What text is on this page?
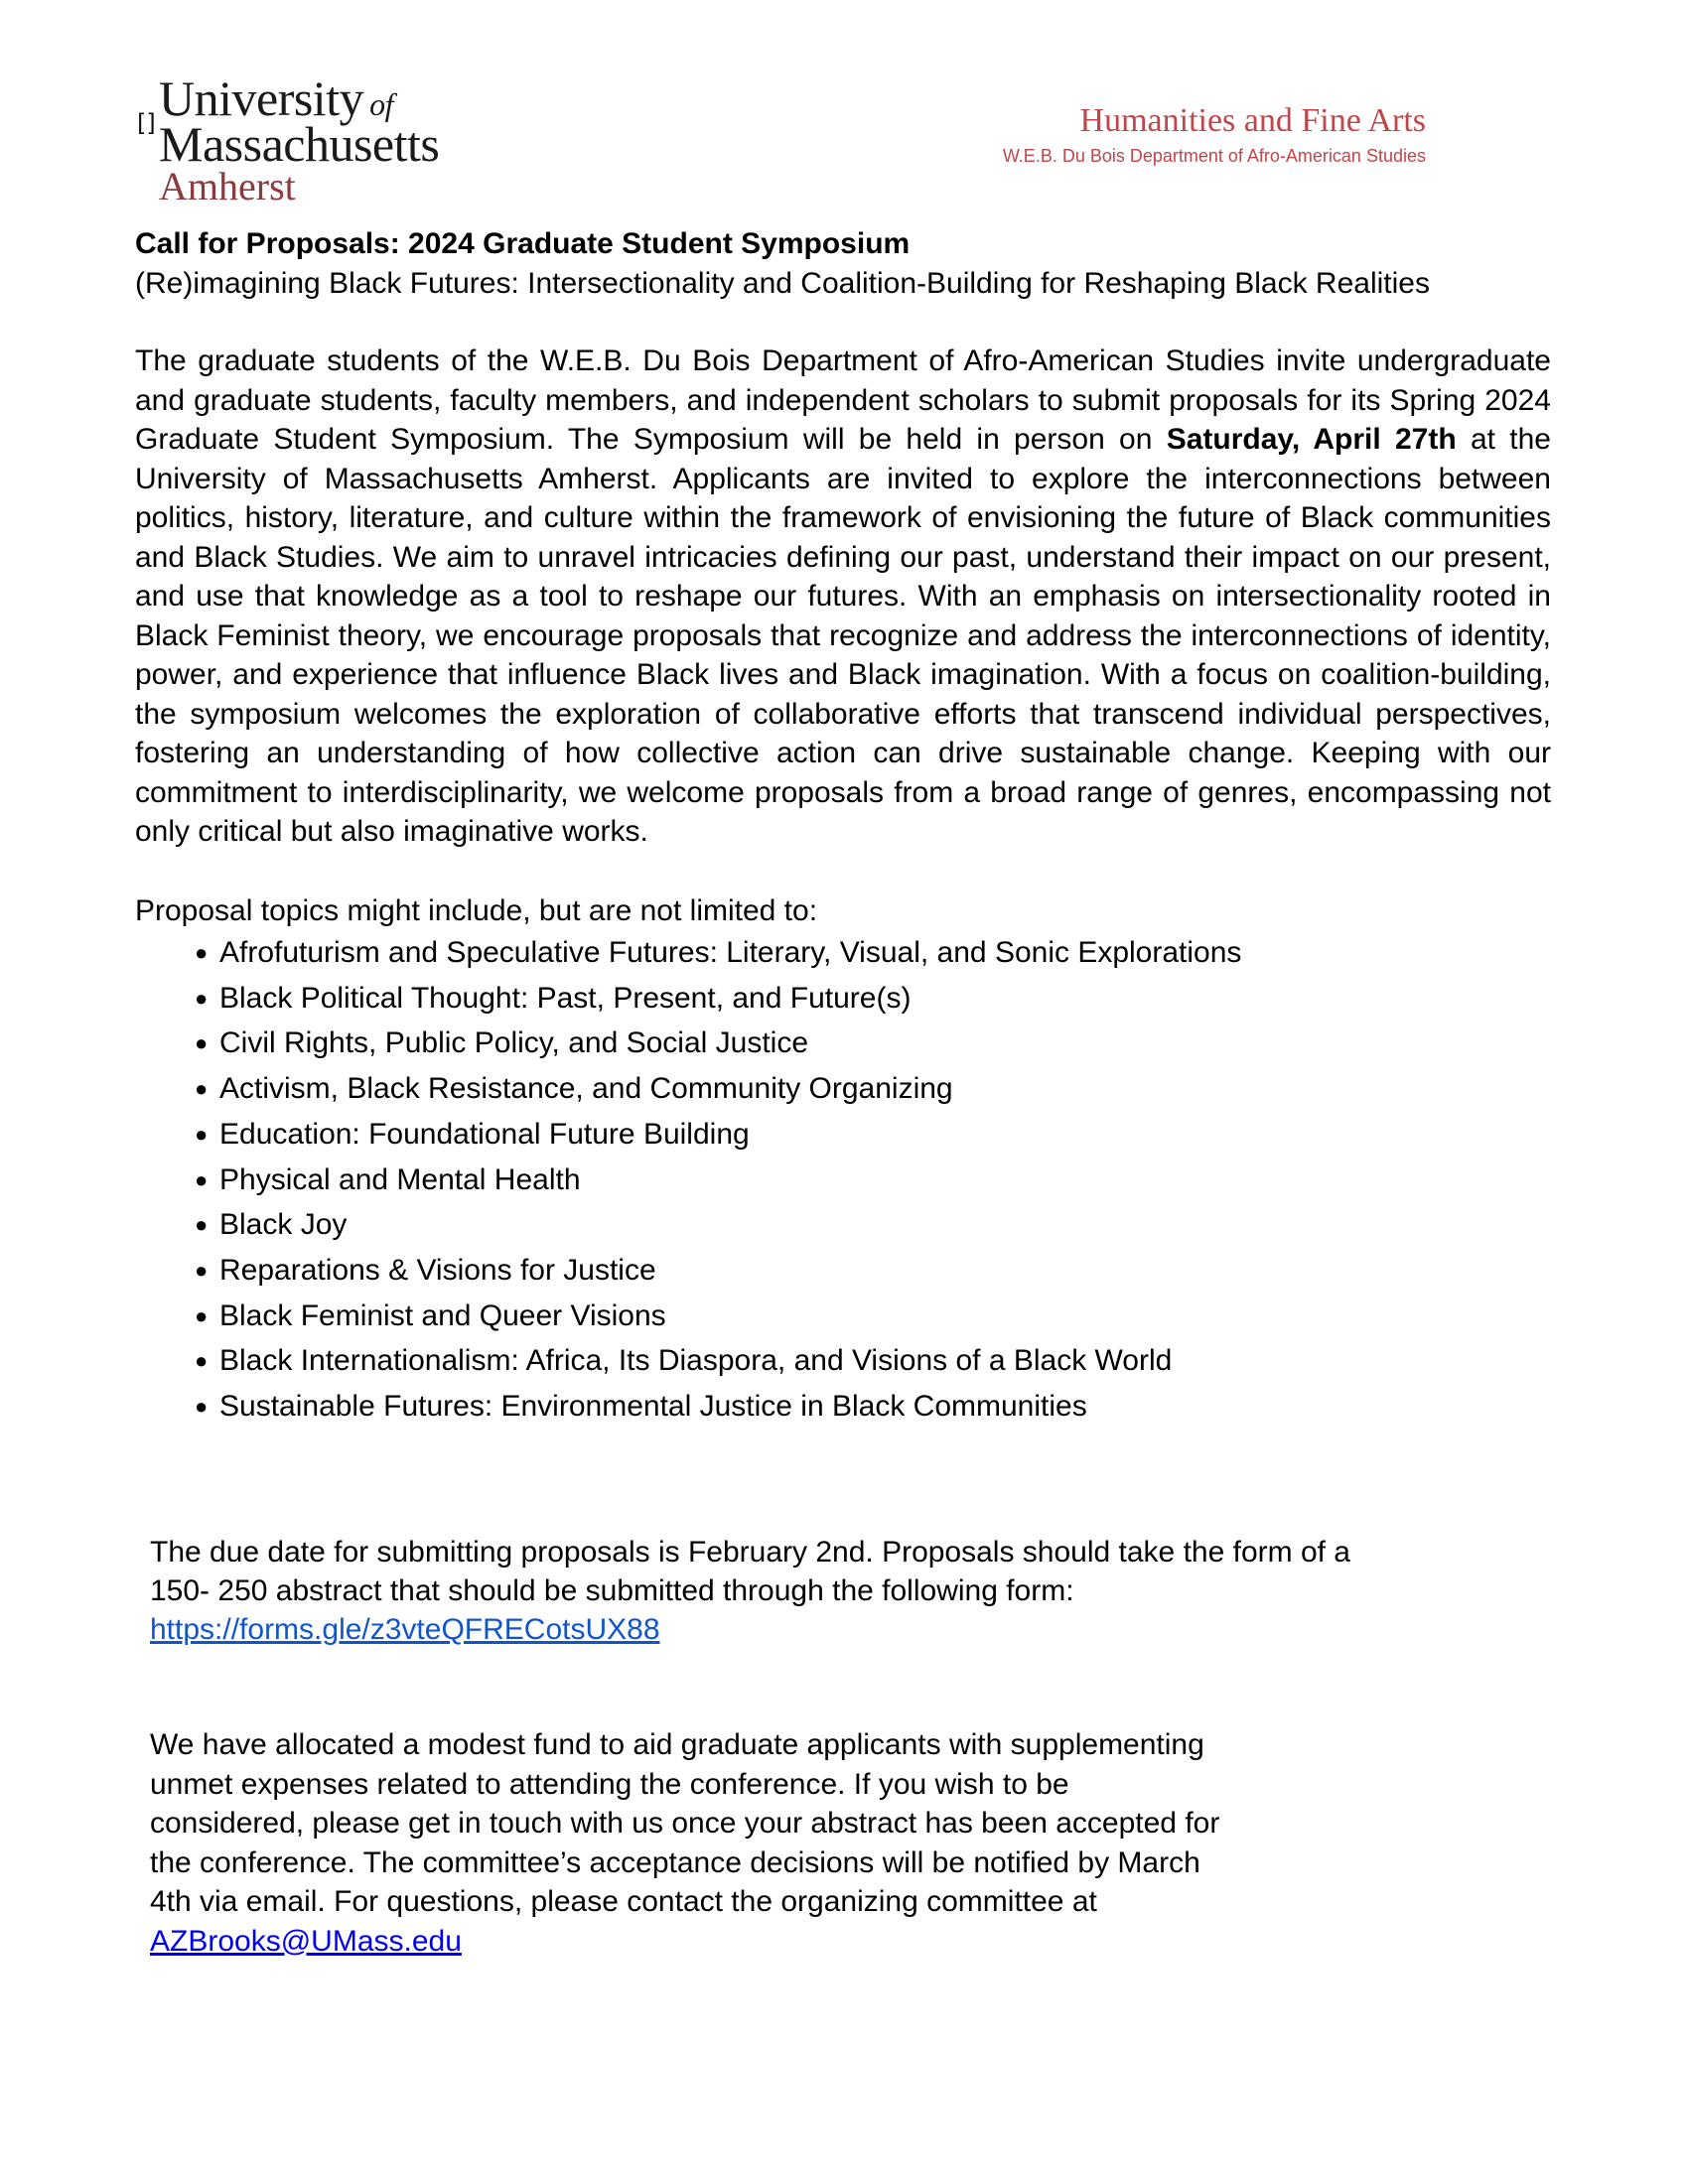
[] University of
Massachusetts
Amherst
Humanities and Fine Arts
W.E.B. Du Bois Department of Afro-American Studies
Call for Proposals: 2024 Graduate Student Symposium
(Re)imagining Black Futures: Intersectionality and Coalition-Building for Reshaping Black Realities
The graduate students of the W.E.B. Du Bois Department of Afro-American Studies invite undergraduate and graduate students, faculty members, and independent scholars to submit proposals for its Spring 2024 Graduate Student Symposium. The Symposium will be held in person on Saturday, April 27th at the University of Massachusetts Amherst. Applicants are invited to explore the interconnections between politics, history, literature, and culture within the framework of envisioning the future of Black communities and Black Studies. We aim to unravel intricacies defining our past, understand their impact on our present, and use that knowledge as a tool to reshape our futures. With an emphasis on intersectionality rooted in Black Feminist theory, we encourage proposals that recognize and address the interconnections of identity, power, and experience that influence Black lives and Black imagination. With a focus on coalition-building, the symposium welcomes the exploration of collaborative efforts that transcend individual perspectives, fostering an understanding of how collective action can drive sustainable change. Keeping with our commitment to interdisciplinarity, we welcome proposals from a broad range of genres, encompassing not only critical but also imaginative works.
Proposal topics might include, but are not limited to:
● Afrofuturism and Speculative Futures: Literary, Visual, and Sonic Explorations
● Black Political Thought: Past, Present, and Future(s)
● Civil Rights, Public Policy, and Social Justice
● Activism, Black Resistance, and Community Organizing
● Education: Foundational Future Building
● Physical and Mental Health
● Black Joy
● Reparations & Visions for Justice
● Black Feminist and Queer Visions
● Black Internationalism: Africa, Its Diaspora, and Visions of a Black World
● Sustainable Futures: Environmental Justice in Black Communities
The due date for submitting proposals is February 2nd. Proposals should take the form of a
150- 250 abstract that should be submitted through the following form:
https://forms.gle/z3vteQFRECotsUX88
We have allocated a modest fund to aid graduate applicants with supplementing
unmet expenses related to attending the conference. If you wish to be
considered, please get in touch with us once your abstract has been accepted for
the conference. The committee’s acceptance decisions will be notified by March
4th via email. For questions, please contact the organizing committee at
AZBrooks@UMass.edu
